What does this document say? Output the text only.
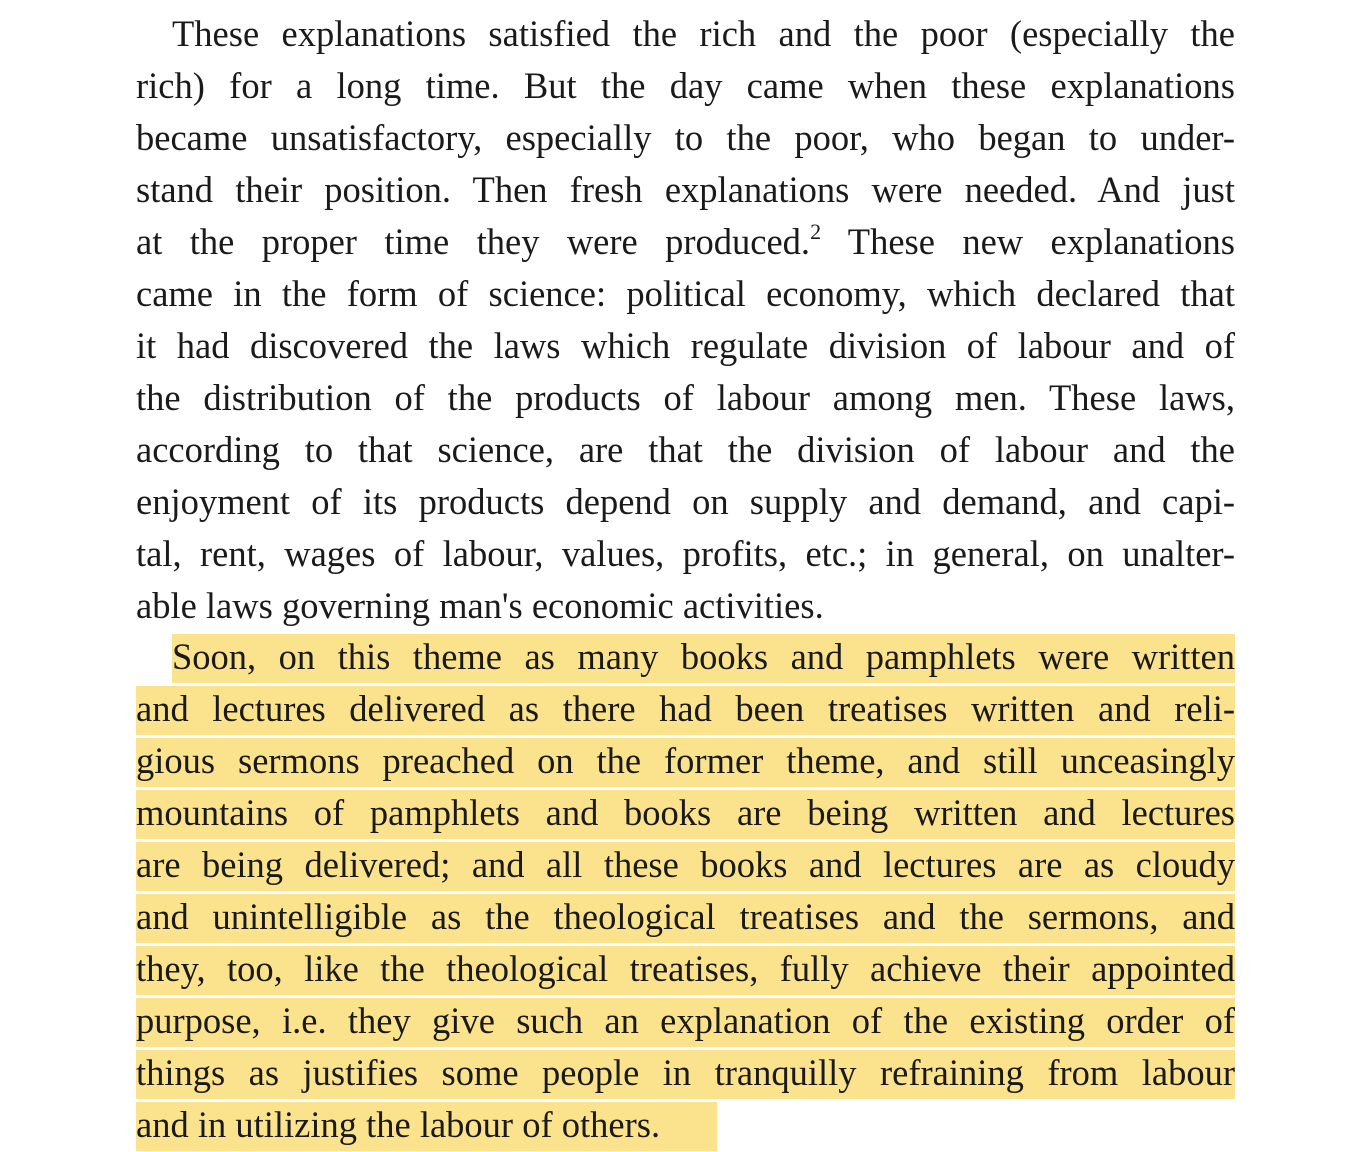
These explanations satisfied the rich and the poor (especially the
rich) for a long time. But the day came when these explanations
became unsatisfactory, especially to the poor, who began to under-
stand their position. Then fresh explanations were needed. And just
at the proper time they were produced.$^2$ These new explanations
came in the form of science: political economy, which declared that
it had discovered the laws which regulate division of labour and of
the distribution of the products of labour among men. These laws,
according to that science, are that the division of labour and the
enjoyment of its products depend on supply and demand, and capi-
tal, rent, wages of labour, values, profits, etc.; in general, on unalter-
able laws governing man's economic activities.
Soon, on this theme as many books and pamphlets were written
and lectures delivered as there had been treatises written and reli-
gious sermons preached on the former theme, and still unceasingly
mountains of pamphlets and books are being written and lectures
are being delivered; and all these books and lectures are as cloudy
and unintelligible as the theological treatises and the sermons, and
they, too, like the theological treatises, fully achieve their appointed
purpose, i.e. they give such an explanation of the existing order of
things as justifies some people in tranquilly refraining from labour
and in utilizing the labour of others.
